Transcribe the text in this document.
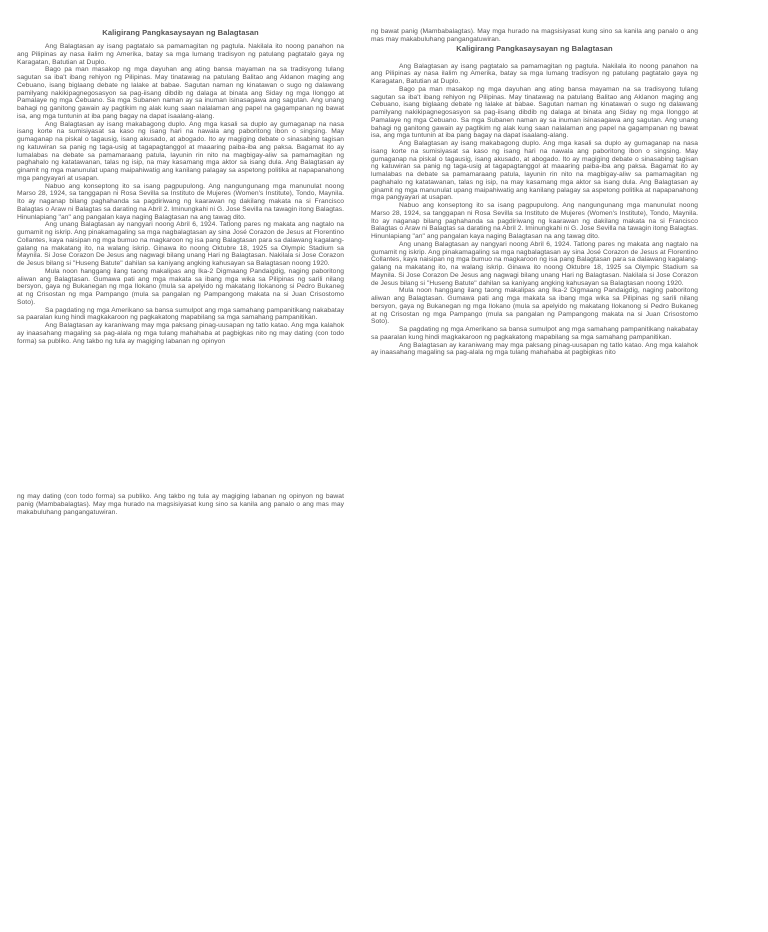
Kaligirang Pangkasaysayan ng Balagtasan

Ang Balagtasan ay isang pagtatalo sa pamamagitan ng pagtula. Nakilala ito noong panahon na ang Pilipinas ay nasa ilalim ng Amerika, batay sa mga lumang tradisyon ng patulang pagtatalo gaya ng Karagatan, Batutian at Duplo.

Bago pa man masakop ng mga dayuhan ang ating bansa mayaman na sa tradisyong tulang sagutan sa iba't ibang rehiyon ng Pilipinas. May tinatawag na patulang Balitao ang Aklanon maging ang Cebuano, isang biglaang debate ng lalake at babae. Sagutan naman ng kinatawan o sugo ng dalawang pamilyang nakikipagnegosasyon sa pag-iisang dibdib ng dalaga at binata ang Siday ng mga Ilonggo at Pamalaye ng mga Cebuano. Sa mga Subanen naman ay sa inuman isinasagawa ang sagutan. Ang unang bahagi ng ganitong gawain ay pagtikim ng alak kung saan nalalaman ang papel na gagampanan ng bawat isa, ang mga tuntunin at iba pang bagay na dapat isaalang-alang.

Ang Balagtasan ay isang makabagong duplo. Ang mga kasali sa duplo ay gumaganap na nasa isang korte na sumisiyasat sa kaso ng isang hari na nawala ang paboritong ibon o singsing. May gumaganap na piskal o tagausig, isang akusado, at abogado. Ito ay magiging debate o sinasabing tagisan ng katuwiran sa panig ng taga-usig at tagapagtanggol at maaaring paiba-iba ang paksa. Bagamat ito ay lumalabas na debate sa pamamaraang patula, layunin rin nito na magbigay-aliw sa pamamagitan ng paghahalo ng katatawanan, talas ng isip, na may kasamang mga aktor sa isang dula. Ang Balagtasan ay ginamit ng mga manunulat upang maipahiwatig ang kanilang palagay sa aspetong politika at napapanahong mga pangyayari at usapan.

Nabuo ang konseptong ito sa isang pagpupulong. Ang nangungunang mga manunulat noong Marso 28, 1924, sa tanggapan ni Rosa Sevilla sa Instituto de Mujeres (Women's Institute), Tondo, Maynila. Ito ay naganap bilang paghahanda sa pagdiriwang ng kaarawan ng dakilang makata na si Francisco Balagtas o Araw ni Balagtas sa darating na Abril 2. Iminungkahi ni G. Jose Sevilla na tawagin itong Balagtas. Hinunlapiang "an" ang pangalan kaya naging Balagtasan na ang tawag dito.

Ang unang Balagtasan ay nangyari noong Abril 6, 1924. Tatlong pares ng makata ang nagtalo na gumamit ng iskrip. Ang pinakamagaling sa mga nagbalagtasan ay sina José Corazon de Jesus at Florentino Collantes, kaya naisipan ng mga bumuo na magkaroon ng isa pang Balagtasan para sa dalawang kagalang-galang na makatang ito, na walang iskrip. Ginawa ito noong Oktubre 18, 1925 sa Olympic Stadium sa Maynila. Si Jose Corazon De Jesus ang nagwagi bilang unang Hari ng Balagtasan. Nakilala si Jose Corazon de Jesus bilang si "Huseng Batute" dahilan sa kaniyang angking kahusayan sa Balagtasan noong 1920.

Mula noon hanggang ilang taong makalipas ang Ika-2 Digmaang Pandaigdig, naging paboritong aliwan ang Balagtasan. Gumawa pati ang mga makata sa ibang mga wika sa Pilipinas ng sarili nilang bersyon, gaya ng Bukanegan ng mga Ilokano (mula sa apelyido ng makatang Ilokanong si Pedro Bukaneg at ng Crisostan ng mga Pampango (mula sa pangalan ng Pampangong makata na si Juan Crisostomo Soto).

Sa pagdating ng mga Amerikano sa bansa sumulpot ang mga samahang pampanitikang nakabatay sa paaralan kung hindi magkakaroon ng pagkakatong mapabilang sa mga samahang pampanitikan.

Ang Balagtasan ay karaniwang may mga paksang pinag-uusapan ng tatlo katao. Ang mga kalahok ay inaasahang magaling sa pag-alala ng mga tulang mahahaba at pagbigkas nito ng may dating (con todo forma) sa publiko. Ang takbo ng tula ay magiging labanan ng opinyon

ng may dating (con todo forma) sa publiko. Ang takbo ng tula ay magiging labanan ng opinyon ng bawat panig (Mambabalagtas). May mga hurado na magsisiyasat kung sino sa kanila ang panalo o ang mas may makabuluhang pangangatuwiran.

ng bawat panig (Mambabalagtas). May mga hurado na magsisiyasat kung sino sa kanila ang panalo o ang mas may makabuluhang pangangatuwiran.

Kaligirang Pangkasaysayan ng Balagtasan

Ang Balagtasan ay isang pagtatalo sa pamamagitan ng pagtula. Nakilala ito noong panahon na ang Pilipinas ay nasa ilalim ng Amerika, batay sa mga lumang tradisyon ng patulang pagtatalo gaya ng Karagatan, Batutian at Duplo.

Bago pa man masakop ng mga dayuhan ang ating bansa mayaman na sa tradisyong tulang sagutan sa iba't ibang rehiyon ng Pilipinas. May tinatawag na patulang Balitao ang Aklanon maging ang Cebuano, isang biglaang debate ng lalake at babae. Sagutan naman ng kinatawan o sugo ng dalawang pamilyang nakikipagnegosasyon sa pag-iisang dibdib ng dalaga at binata ang Siday ng mga Ilonggo at Pamalaye ng mga Cebuano. Sa mga Subanen naman ay sa inuman isinasagawa ang sagutan. Ang unang bahagi ng ganitong gawain ay pagtikim ng alak kung saan nalalaman ang papel na gagampanan ng bawat isa, ang mga tuntunin at iba pang bagay na dapat isaalang-alang.

Ang Balagtasan ay isang makabagong duplo. Ang mga kasali sa duplo ay gumaganap na nasa isang korte na sumisiyasat sa kaso ng isang hari na nawala ang paboritong ibon o singsing. May gumaganap na piskal o tagausig, isang akusado, at abogado. Ito ay magiging debate o sinasabing tagisan ng katuwiran sa panig ng taga-usig at tagapagtanggol at maaaring paiba-iba ang paksa. Bagamat ito ay lumalabas na debate sa pamamaraang patula, layunin rin nito na magbigay-aliw sa pamamagitan ng paghahalo ng katatawanan, talas ng isip, na may kasamang mga aktor sa isang dula. Ang Balagtasan ay ginamit ng mga manunulat upang maipahiwatig ang kanilang palagay sa aspetong politika at napapanahong mga pangyayari at usapan.

Nabuo ang konseptong ito sa isang pagpupulong. Ang nangungunang mga manunulat noong Marso 28, 1924, sa tanggapan ni Rosa Sevilla sa Instituto de Mujeres (Women's Institute), Tondo, Maynila. Ito ay naganap bilang paghahanda sa pagdiriwang ng kaarawan ng dakilang makata na si Francisco Balagtas o Araw ni Balagtas sa darating na Abril 2. Iminungkahi ni G. Jose Sevilla na tawagin itong Balagtas. Hinunlapiang "an" ang pangalan kaya naging Balagtasan na ang tawag dito.

Ang unang Balagtasan ay nangyari noong Abril 6, 1924. Tatlong pares ng makata ang nagtalo na gumamit ng iskrip. Ang pinakamagaling sa mga nagbalagtasan ay sina José Corazon de Jesus at Florentino Collantes, kaya naisipan ng mga bumuo na magkaroon ng isa pang Balagtasan para sa dalawang kagalang-galang na makatang ito, na walang iskrip. Ginawa ito noong Oktubre 18, 1925 sa Olympic Stadium sa Maynila. Si Jose Corazon De Jesus ang nagwagi bilang unang Hari ng Balagtasan. Nakilala si Jose Corazon de Jesus bilang si "Huseng Batute" dahilan sa kaniyang angking kahusayan sa Balagtasan noong 1920.

Mula noon hanggang ilang taong makalipas ang Ika-2 Digmaang Pandaigdig, naging paboritong aliwan ang Balagtasan. Gumawa pati ang mga makata sa ibang mga wika sa Pilipinas ng sarili nilang bersyon, gaya ng Bukanegan ng mga Ilokano (mula sa apelyido ng makatang Ilokanong si Pedro Bukaneg at ng Crisostan ng mga Pampango (mula sa pangalan ng Pampangong makata na si Juan Crisostomo Soto).

Sa pagdating ng mga Amerikano sa bansa sumulpot ang mga samahang pampanitikang nakabatay sa paaralan kung hindi magkakaroon ng pagkakatong mapabilang sa mga samahang pampanitikan.

Ang Balagtasan ay karaniwang may mga paksang pinag-uusapan ng tatlo katao. Ang mga kalahok ay inaasahang magaling sa pag-alala ng mga tulang mahahaba at pagbigkas nito
